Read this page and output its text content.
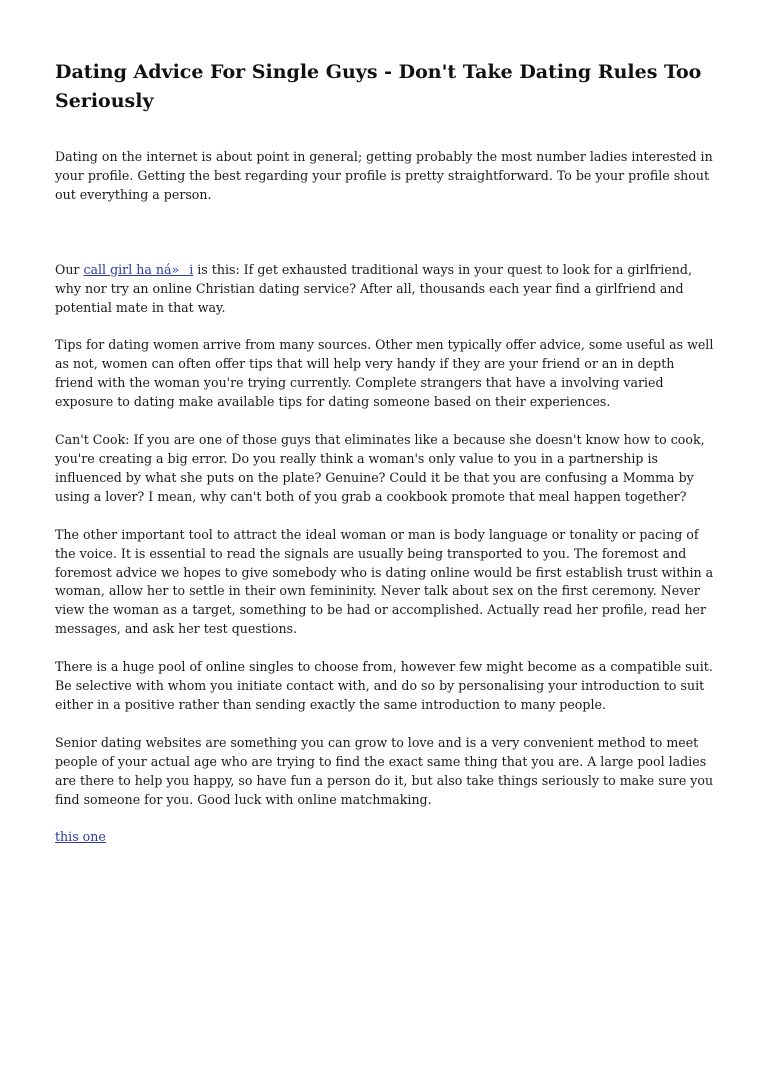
Dating Advice For Single Guys - Don't Take Dating Rules Too Seriously

Dating on the internet is about point in general; getting probably the most number ladies interested in your profile. Getting the best regarding your profile is pretty straightforward. To be your profile shout out everything a person.

Our call girl ha ná»i is this: If get exhausted traditional ways in your quest to look for a girlfriend, why nor try an online Christian dating service? After all, thousands each year find a girlfriend and potential mate in that way.

Tips for dating women arrive from many sources. Other men typically offer advice, some useful as well as not, women can often offer tips that will help very handy if they are your friend or an in depth friend with the woman you're trying currently. Complete strangers that have a involving varied exposure to dating make available tips for dating someone based on their experiences.

Can't Cook: If you are one of those guys that eliminates like a because she doesn't know how to cook, you're creating a big error. Do you really think a woman's only value to you in a partnership is influenced by what she puts on the plate? Genuine? Could it be that you are confusing a Momma by using a lover? I mean, why can't both of you grab a cookbook promote that meal happen together?

The other important tool to attract the ideal woman or man is body language or tonality or pacing of the voice. It is essential to read the signals are usually being transported to you. The foremost and foremost advice we hopes to give somebody who is dating online would be first establish trust within a woman, allow her to settle in their own femininity. Never talk about sex on the first ceremony. Never view the woman as a target, something to be had or accomplished. Actually read her profile, read her messages, and ask her test questions.

There is a huge pool of online singles to choose from, however few might become as a compatible suit. Be selective with whom you initiate contact with, and do so by personalising your introduction to suit either in a positive rather than sending exactly the same introduction to many people.

Senior dating websites are something you can grow to love and is a very convenient method to meet people of your actual age who are trying to find the exact same thing that you are. A large pool ladies are there to help you happy, so have fun a person do it, but also take things seriously to make sure you find someone for you. Good luck with online matchmaking.

this one
